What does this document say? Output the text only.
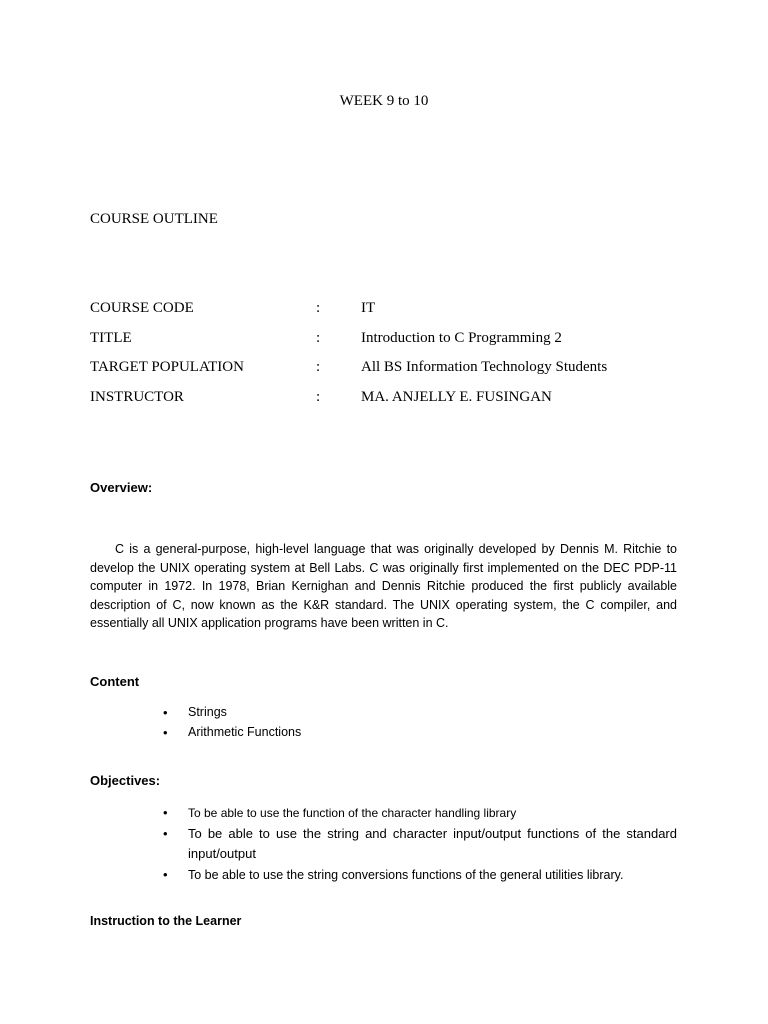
WEEK 9 to 10
COURSE OUTLINE
COURSE CODE	:	IT
TITLE	:	Introduction to C Programming 2
TARGET POPULATION	:	All BS Information Technology Students
INSTRUCTOR	:	MA. ANJELLY E. FUSINGAN
Overview:

C is a general-purpose, high-level language that was originally developed by Dennis M. Ritchie to develop the UNIX operating system at Bell Labs. C was originally first implemented on the DEC PDP-11 computer in 1972. In 1978, Brian Kernighan and Dennis Ritchie produced the first publicly available description of C, now known as the K&R standard. The UNIX operating system, the C compiler, and essentially all UNIX application programs have been written in C.

Content
•	Strings
•	Arithmetic Functions
Objectives:
•	To be able to use the function of the character handling library
•	To be able to use the string and character input/output functions of the standard input/output
•	To be able to use the string conversions functions of the general utilities library.
Instruction to the Learner
